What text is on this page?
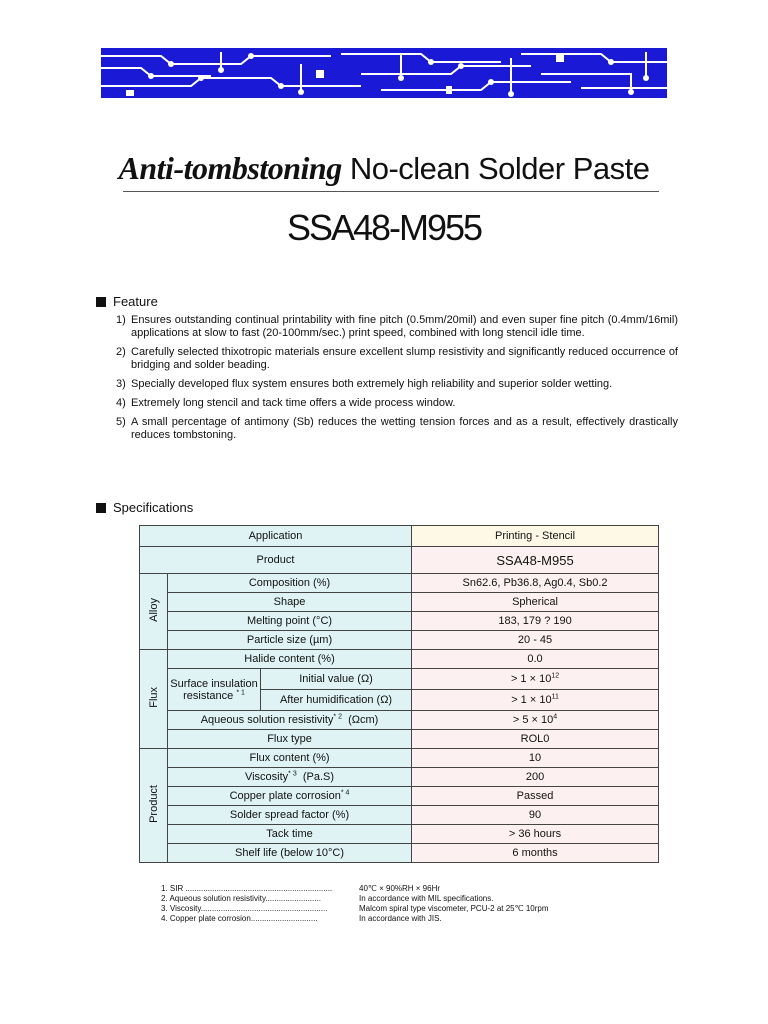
Anti-tombstoning No-clean Solder Paste
SSA48-M955
Feature
1) Ensures outstanding continual printability with fine pitch (0.5mm/20mil) and even super fine pitch (0.4mm/16mil) applications at slow to fast (20-100mm/sec.) print speed, combined with long stencil idle time.
2) Carefully selected thixotropic materials ensure excellent slump resistivity and significantly reduced occurrence of bridging and solder beading.
3) Specially developed flux system ensures both extremely high reliability and superior solder wetting.
4) Extremely long stencil and tack time offers a wide process window.
5) A small percentage of antimony (Sb) reduces the wetting tension forces and as a result, effectively drastically reduces tombstoning.
Specifications
Application			Printing - Stencil
Product			SSA48-M955
Alloy	Composition (%)		Sn62.6, Pb36.8, Ag0.4, Sb0.2
	Shape		Spherical
	Melting point (°C)		183, 179 ? 190
	Particle size (µm)		20 - 45
Flux	Halide content (%)		0.0
	Surface insulation resistance $^{* 1}$	Initial value (Ω)	> $1 \times 10^{12}$
		After humidification (Ω)	> $1 \times 10^{11}$
	Aqueous solution resistivity$^{* 2}$ (Ωcm)		> $5 \times 10^4$
	Flux type		ROL0
Product	Flux content (%)		10
	Viscosity$^{* 3}$ (Pa.S)		200
	Copper plate corrosion$^{* 4}$		Passed
	Solder spread factor (%)		90
	Tack time		> 36 hours
	Shelf life (below 10°C)		6 months
1. SIR ..................................................................	40℃ × 90%RH × 96Hr
2. Aqueous solution resistivity.........................	In accordance with MIL specifications.
3. Viscosity.........................................................	Malcom spiral type viscometer, PCU-2 at 25℃ 10rpm
4. Copper plate corrosion..............................	In accordance with JIS.
